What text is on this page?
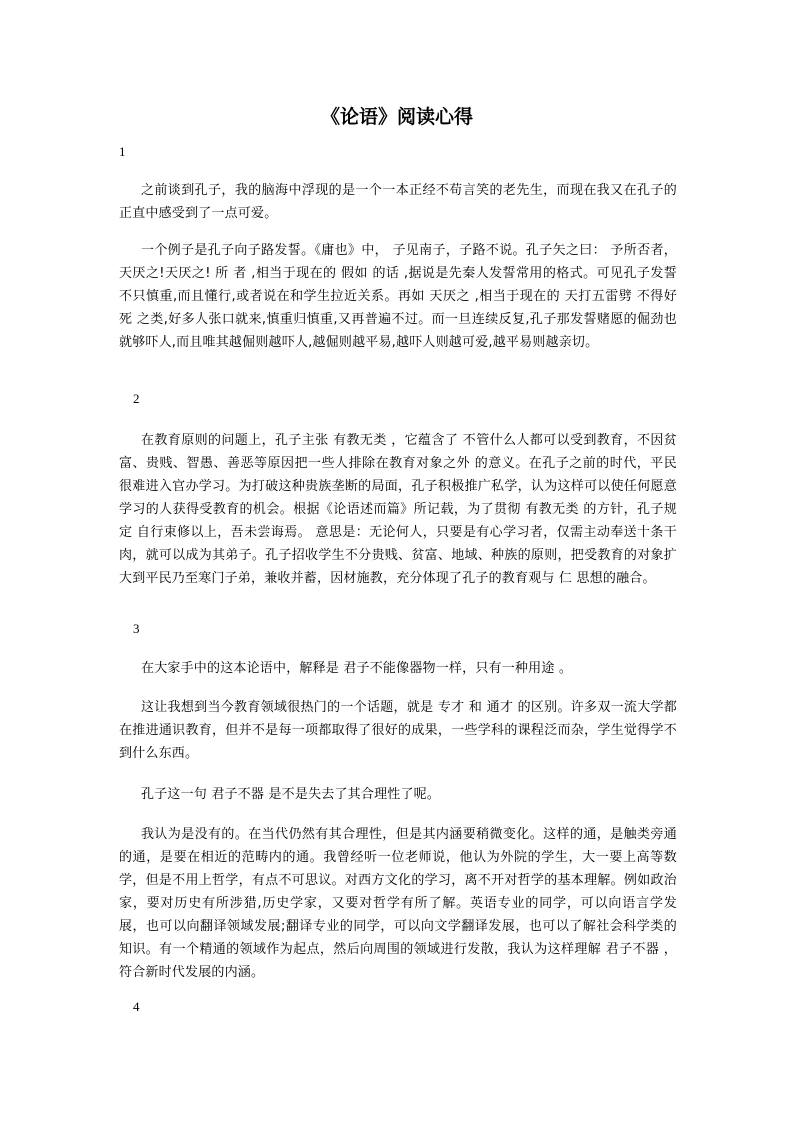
《论语》阅读心得
1

之前谈到孔子，我的脑海中浮现的是一个一本正经不苟言笑的老先生，而现在我又在孔子的正直中感受到了一点可爱。

一个例子是孔子向子路发誓。《庸也》中， 子见南子，子路不说。孔子矢之曰： 予所否者，天厌之!天厌之! 所 者 ,相当于现在的 假如 的话 ,据说是先秦人发誓常用的格式。可见孔子发誓不只慎重,而且懂行,或者说在和学生拉近关系。再如 天厌之 ,相当于现在的 天打五雷劈 不得好死 之类,好多人张口就来,慎重归慎重,又再普遍不过。而一旦连续反复,孔子那发誓赌愿的倔劲也就够吓人,而且唯其越倔则越吓人,越倔则越平易,越吓人则越可爱,越平易则越亲切。

2

在教育原则的问题上，孔子主张 有教无类 ，它蕴含了 不管什么人都可以受到教育，不因贫富、贵贱、智愚、善恶等原因把一些人排除在教育对象之外 的意义。在孔子之前的时代，平民很难进入官办学习。为打破这种贵族垄断的局面，孔子积极推广私学，认为这样可以使任何愿意学习的人获得受教育的机会。根据《论语述而篇》所记载，为了贯彻 有教无类 的方针，孔子规定 自行束修以上，吾未尝诲焉。 意思是：无论何人，只要是有心学习者，仅需主动奉送十条干肉，就可以成为其弟子。孔子招收学生不分贵贱、贫富、地域、种族的原则，把受教育的对象扩大到平民乃至寒门子弟，兼收并蓄，因材施教，充分体现了孔子的教育观与 仁 思想的融合。

3

在大家手中的这本论语中，解释是 君子不能像器物一样，只有一种用途 。

这让我想到当今教育领域很热门的一个话题，就是 专才 和 通才 的区别。许多双一流大学都在推进通识教育，但并不是每一项都取得了很好的成果，一些学科的课程泛而杂，学生觉得学不到什么东西。

孔子这一句 君子不器 是不是失去了其合理性了呢。

我认为是没有的。在当代仍然有其合理性，但是其内涵要稍微变化。这样的通，是触类旁通的通，是要在相近的范畴内的通。我曾经听一位老师说，他认为外院的学生，大一要上高等数学，但是不用上哲学，有点不可思议。对西方文化的学习，离不开对哲学的基本理解。例如政治家，要对历史有所涉猎,历史学家，又要对哲学有所了解。英语专业的同学，可以向语言学发展，也可以向翻译领域发展;翻译专业的同学，可以向文学翻译发展，也可以了解社会科学类的知识。有一个精通的领域作为起点，然后向周围的领域进行发散，我认为这样理解 君子不器 ，符合新时代发展的内涵。

4
